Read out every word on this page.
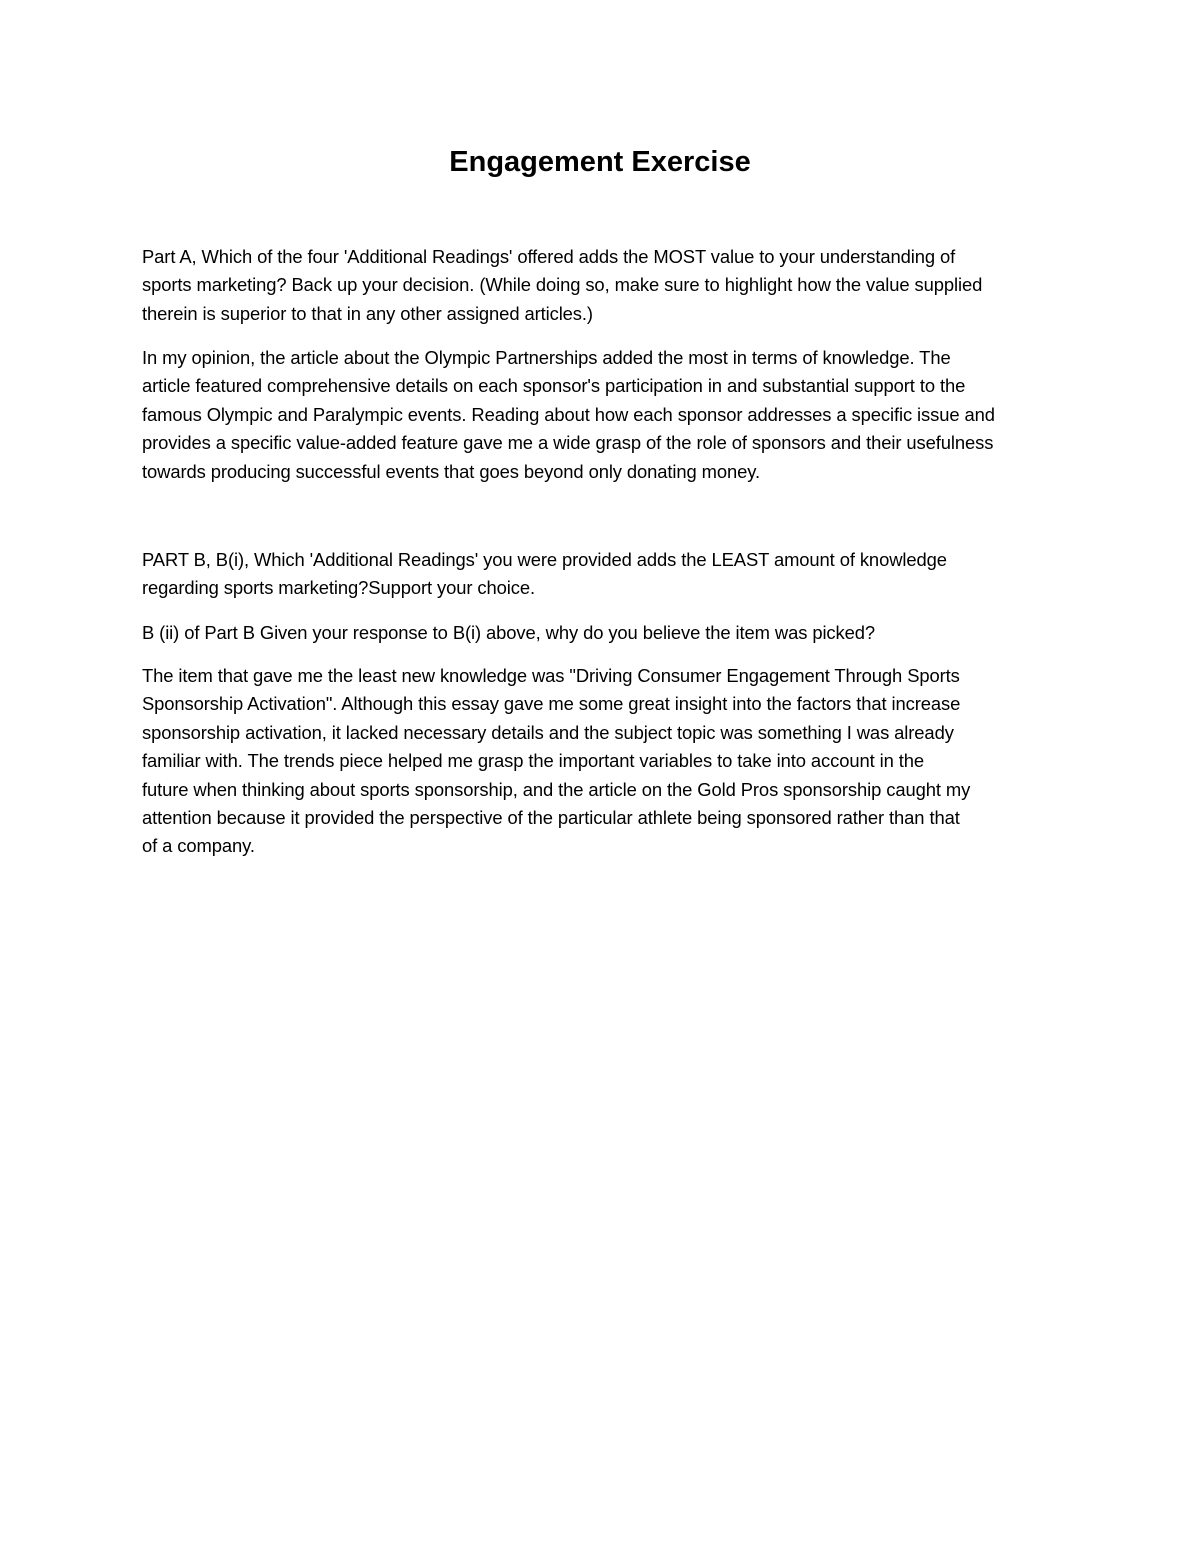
Engagement Exercise
Part A, Which of the four 'Additional Readings' offered adds the MOST value to your understanding of
sports marketing? Back up your decision. (While doing so, make sure to highlight how the value supplied
therein is superior to that in any other assigned articles.)
In my opinion, the article about the Olympic Partnerships added the most in terms of knowledge. The
article featured comprehensive details on each sponsor's participation in and substantial support to the
famous Olympic and Paralympic events. Reading about how each sponsor addresses a specific issue and
provides a specific value-added feature gave me a wide grasp of the role of sponsors and their usefulness
towards producing successful events that goes beyond only donating money.
PART B, B(i), Which 'Additional Readings' you were provided adds the LEAST amount of knowledge
regarding sports marketing?Support your choice.
B (ii) of Part B Given your response to B(i) above, why do you believe the item was picked?
The item that gave me the least new knowledge was "Driving Consumer Engagement Through Sports
Sponsorship Activation". Although this essay gave me some great insight into the factors that increase
sponsorship activation, it lacked necessary details and the subject topic was something I was already
familiar with. The trends piece helped me grasp the important variables to take into account in the
future when thinking about sports sponsorship, and the article on the Gold Pros sponsorship caught my
attention because it provided the perspective of the particular athlete being sponsored rather than that
of a company.
